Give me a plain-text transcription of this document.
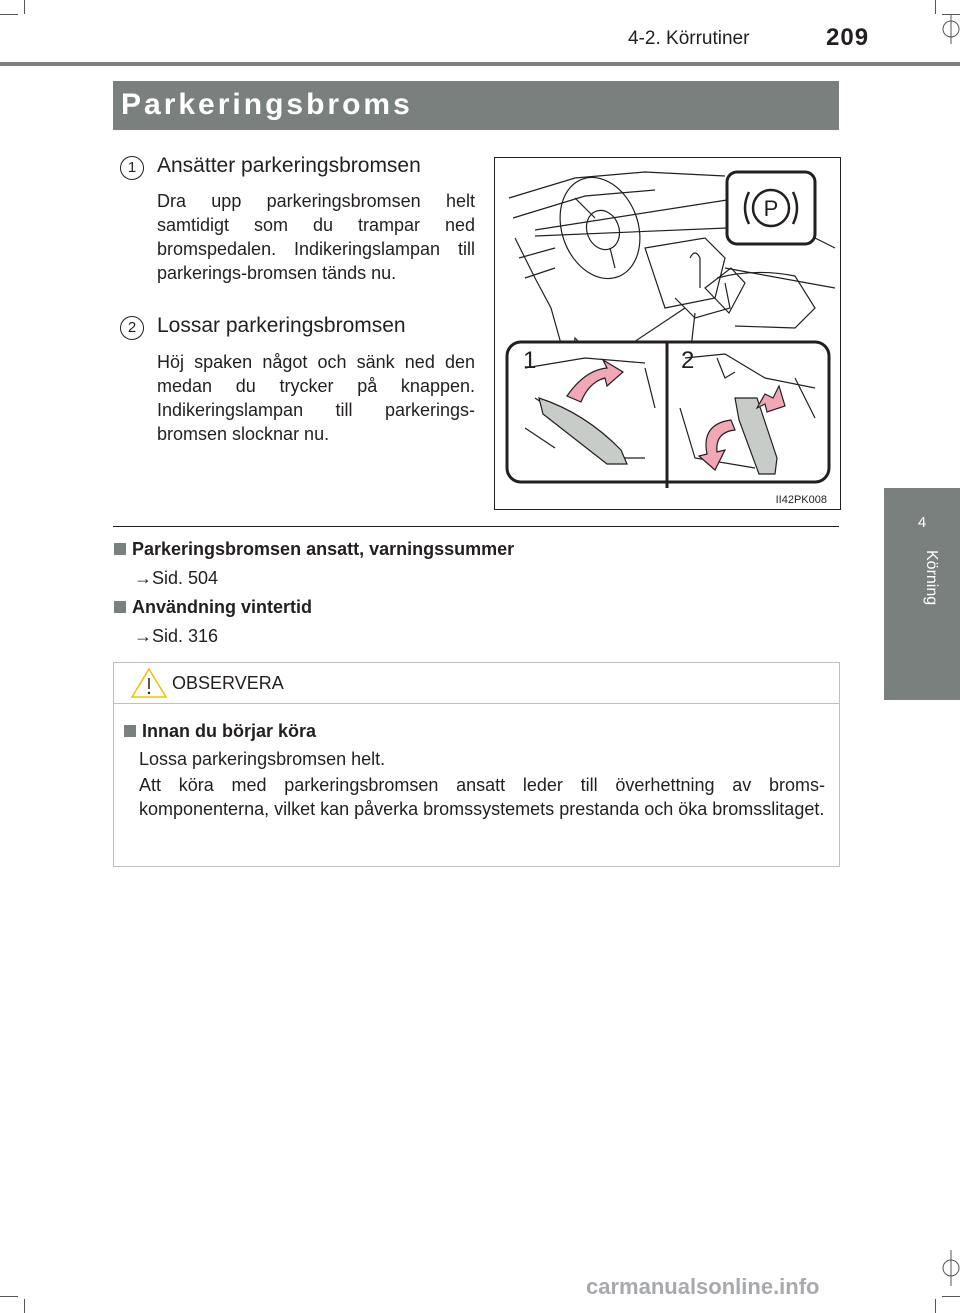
4-2. Körrutiner	209
4
Körning
Parkeringsbroms
1 Ansätter parkeringsbromsen
Dra upp parkeringsbromsen helt samtidigt som du trampar ned bromspedalen. Indikeringslampan till parkerings-bromsen tänds nu.
2 Lossar parkeringsbromsen
Höj spaken något och sänk ned den medan du trycker på knappen. Indikeringslampan till parkerings-bromsen slocknar nu.
P
1	2
II42PK008
Parkeringsbromsen ansatt, varningssummer
→Sid. 504
Användning vintertid
→Sid. 316
OBSERVERA
Innan du börjar köra
Lossa parkeringsbromsen helt.
Att köra med parkeringsbromsen ansatt leder till överhettning av broms-komponenterna, vilket kan påverka bromssystemets prestanda och öka bromsslitaget.
carmanualsonline.info
